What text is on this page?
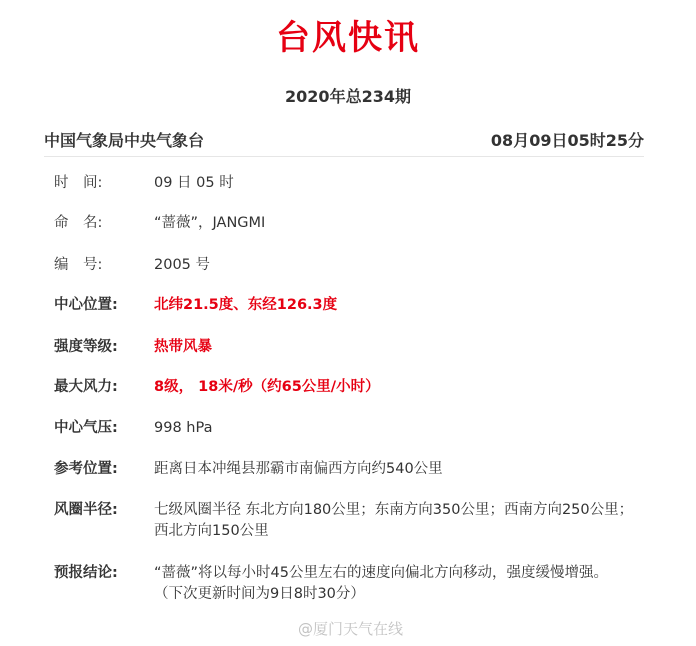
台风快讯
2020年总234期
中国气象局中央气象台	08月09日05时25分
时　间:	09 日 05 时
命　名:	“蔷薇”，JANGMI
编　号:	2005 号
中心位置:	北纬21.5度、东经126.3度
强度等级:	热带风暴
最大风力:	8级， 18米/秒（约65公里/小时）
中心气压:	998 hPa
参考位置:	距离日本冲绳县那霸市南偏西方向约540公里
风圈半径:	七级风圈半径 东北方向180公里；东南方向350公里；西南方向250公里；西北方向150公里
预报结论:	“蔷薇”将以每小时45公里左右的速度向偏北方向移动，强度缓慢增强。
（下次更新时间为9日8时30分）
@厦门天气在线
